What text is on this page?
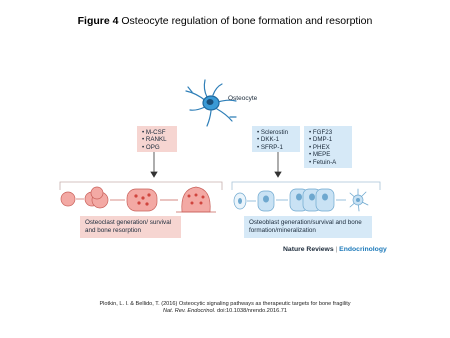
Figure 4 Osteocyte regulation of bone formation and resorption
Osteocyte
• M-CSF
• RANKL
• OPG
• Sclerostin
• DKK-1
• SFRP-1
• FGF23
• DMP-1
• PHEX
• MEPE
• Fetuin-A
Osteoclast generation/ survival and bone resorption
Osteoblast generation/survival and bone formation/mineralization
Nature Reviews | Endocrinology
Plotkin, L. I. & Bellido, T. (2016) Osteocytic signaling pathways as therapeutic targets for bone fragility
Nat. Rev. Endocrinol. doi:10.1038/nrendo.2016.71
